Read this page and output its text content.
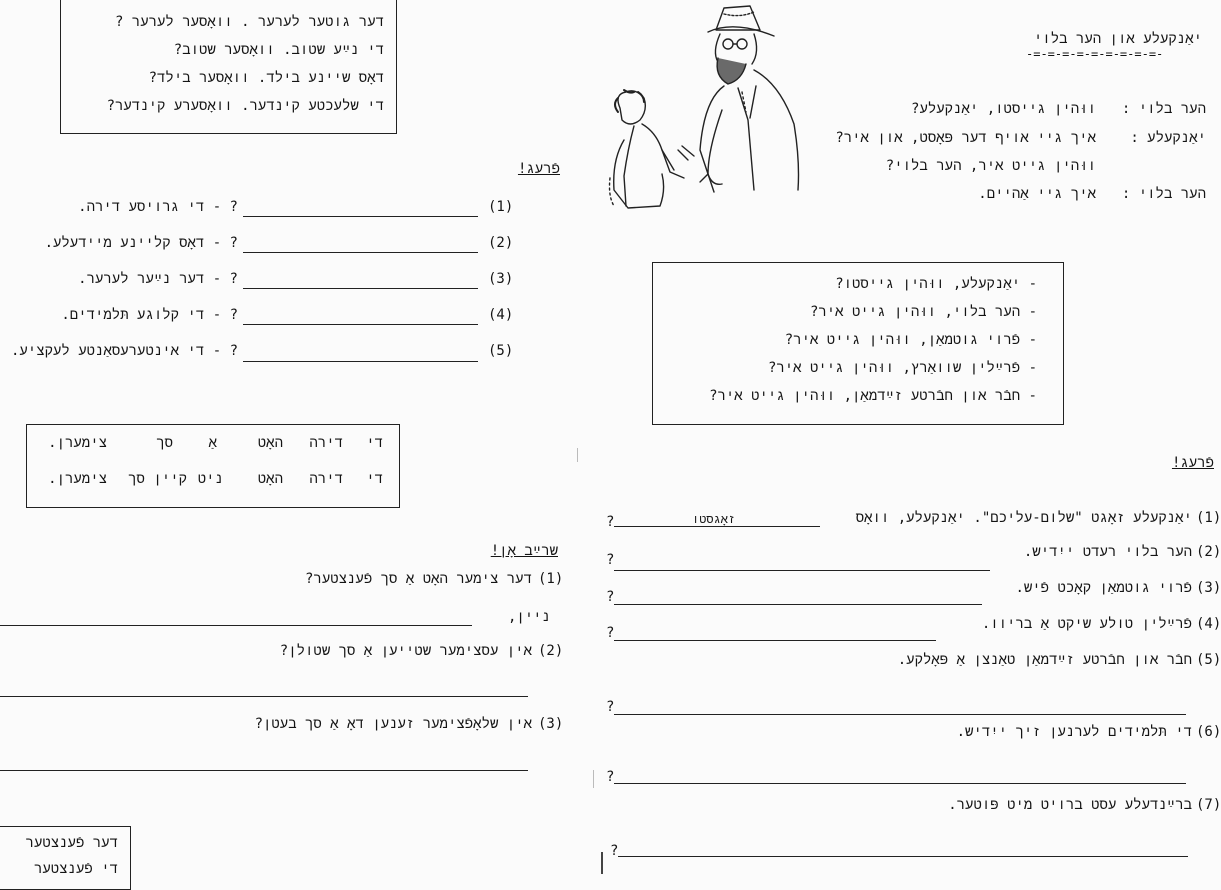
דער גוטער לערער . וואָסער לערער ?
די נײַע שטוב. וואָסער שטוב?
דאָס שיינע בילד. וואָסער בילד?
די שלעכטע קינדער. וואָסערע קינדער?
פֿרעג!
(1)
? - די גרויסע דירה.
(2)
? - דאָס קליינע מיידעלע.
(3)
? - דער נײַער לערער.
(4)
? - די קלוגע תּלמידים.
(5)
? - די אינטערעסאַנטע לעקציע.
די
דירה
האָט
אַ
סך
צימערן.
די
דירה
האָט
ניט
קיין סך
צימערן.
שרײַב אָן!
(1)
דער צימער האָט אַ סך פֿענצטער?
ניין,
(2)
אין עסצימער שטייען אַ סך שטולן?
(3)
אין שלאָפֿצימער זענען דאָ אַ סך בעטן?
דער פֿענצטער
די פֿענצטער
יאַנקעלע און הער בלוי
-=-=-=-=-=-=-=-=-=-
הער בלוי :
ווּהין גייסטו, יאַנקעלע?
יאַנקעלע :
איך גיי אויף דער פּאָסט, און איר?
ווּהין גייט איר, הער בלוי?
הער בלוי :
איך גיי אַהיים.
- יאַנקעלע, ווּהין גייסטו?
- הער בלוי, ווּהין גייט איר?
- פֿרוי גוטמאַן, ווּהין גייט איר?
- פֿרײַלין שוואַרץ, ווּהין גייט איר?
- חבֿר און חבֿרטע זײַדמאַן, ווּהין גייט איר?
פֿרעג!
(1)
יאַנקעלע זאָגט "שלום-עליכם". יאַנקעלע, וואָס
זאָגסטו
?
(2)
הער בלוי רעדט ייִדיש.
?
(3)
פֿרוי גוטמאַן קאָכט פֿיש.
?
(4)
פֿרײַלין טולע שיקט אַ בריוו.
?
(5)
חבֿר און חבֿרטע זײַדמאַן טאַנצן אַ פּאָלקע.
?
(6)
די תּלמידים לערנען זיך ייִדיש.
?
(7)
ברײַנדעלע עסט ברויט מיט פּוטער.
?
